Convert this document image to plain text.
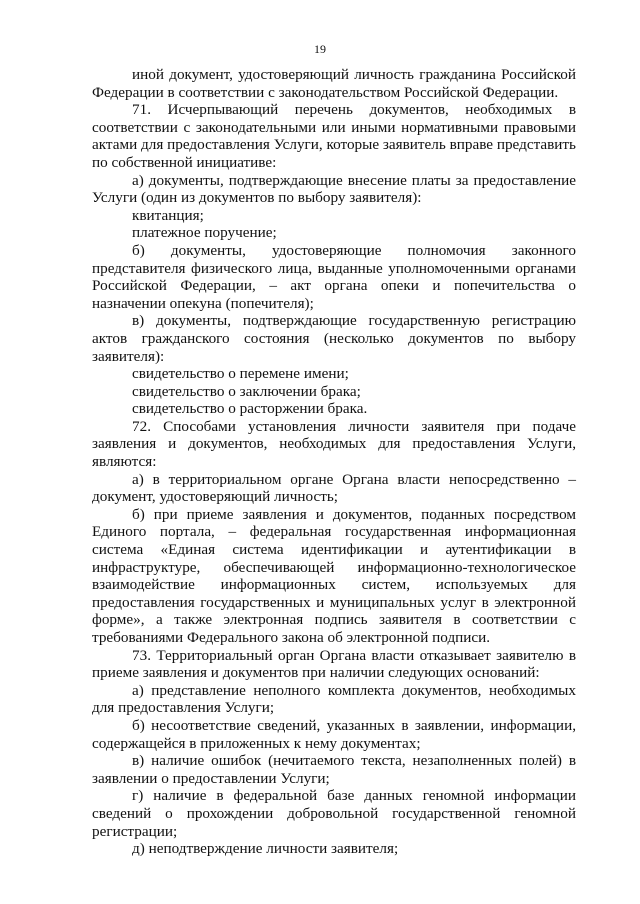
19

иной документ, удостоверяющий личность гражданина Российской Федерации в соответствии с законодательством Российской Федерации.

71. Исчерпывающий перечень документов, необходимых в соответствии с законодательными или иными нормативными правовыми актами для предоставления Услуги, которые заявитель вправе представить по собственной инициативе:

а) документы, подтверждающие внесение платы за предоставление Услуги (один из документов по выбору заявителя):

квитанция;

платежное поручение;

б) документы, удостоверяющие полномочия законного представителя физического лица, выданные уполномоченными органами Российской Федерации, – акт органа опеки и попечительства о назначении опекуна (попечителя);

в) документы, подтверждающие государственную регистрацию актов гражданского состояния (несколько документов по выбору заявителя):

свидетельство о перемене имени;

свидетельство о заключении брака;

свидетельство о расторжении брака.

72. Способами установления личности заявителя при подаче заявления и документов, необходимых для предоставления Услуги, являются:

а) в территориальном органе Органа власти непосредственно – документ, удостоверяющий личность;

б) при приеме заявления и документов, поданных посредством Единого портала, – федеральная государственная информационная система «Единая система идентификации и аутентификации в инфраструктуре, обеспечивающей информационно-технологическое взаимодействие информационных систем, используемых для предоставления государственных и муниципальных услуг в электронной форме», а также электронная подпись заявителя в соответствии с требованиями Федерального закона об электронной подписи.

73. Территориальный орган Органа власти отказывает заявителю в приеме заявления и документов при наличии следующих оснований:

а) представление неполного комплекта документов, необходимых для предоставления Услуги;

б) несоответствие сведений, указанных в заявлении, информации, содержащейся в приложенных к нему документах;

в) наличие ошибок (нечитаемого текста, незаполненных полей) в заявлении о предоставлении Услуги;

г) наличие в федеральной базе данных геномной информации сведений о прохождении добровольной государственной геномной регистрации;

д) неподтверждение личности заявителя;
